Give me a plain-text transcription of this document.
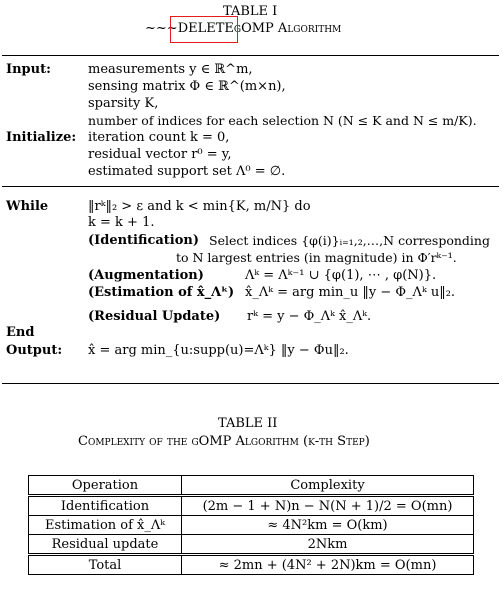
TABLE I
~~~DELETEgOMP Algorithm
Input:	measurements y ∈ ℝ^m,
sensing matrix Φ ∈ ℝ^(m×n),
sparsity K,
number of indices for each selection N (N ≤ K and N ≤ m/K).
Initialize: iteration count k = 0,
residual vector r⁰ = y,
estimated support set Λ⁰ = ∅.
While	‖rᵏ‖₂ > ε and k < min{K, m/N} do
k = k + 1.
(Identification) Select indices {φ(i)}ᵢ₌₁,₂,…,N corresponding
to N largest entries (in magnitude) in Φ′rᵏ⁻¹.
(Augmentation)	Λᵏ = Λᵏ⁻¹ ∪ {φ(1), ⋯ , φ(N)}.
(Estimation of x̂_Λᵏ) x̂_Λᵏ = arg min_u ‖y − Φ_Λᵏ u‖₂.
(Residual Update) rᵏ = y − Φ_Λᵏ x̂_Λᵏ.
End
Output: x̂ = arg min_{u:supp(u)=Λᵏ} ‖y − Φu‖₂.
TABLE II
Complexity of the gOMP Algorithm (k-th Step)
Operation	Complexity
Identification	(2m − 1 + N)n − N(N + 1)/2 = O(mn)
Estimation of x̂_Λᵏ	≈ 4N²km = O(km)
Residual update	2Nkm
Total	≈ 2mn + (4N² + 2N)km = O(mn)
